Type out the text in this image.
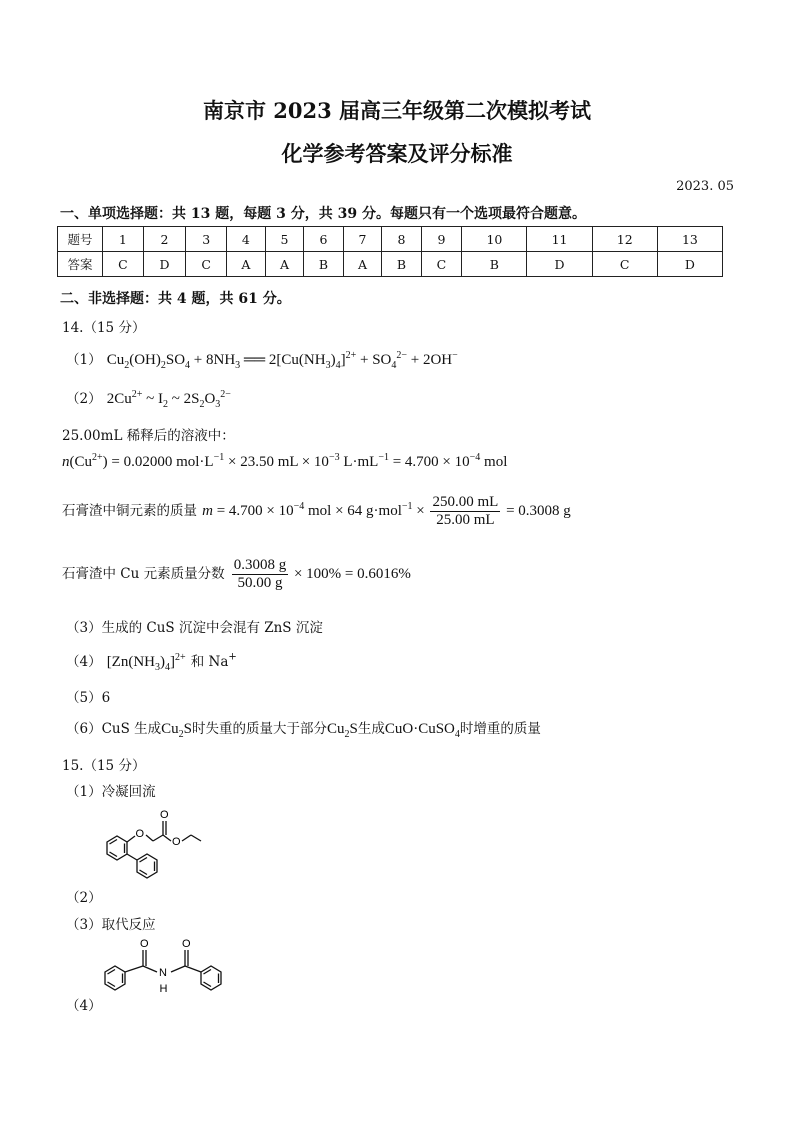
南京市 2023 届高三年级第二次模拟考试
化学参考答案及评分标准
2023. 05
一、单项选择题：共 13 题，每题 3 分，共 39 分。每题只有一个选项最符合题意。
题号	1	2	3	4	5	6	7	8	9	10	11	12	13
答案	C	D	C	A	A	B	A	B	C	B	D	C	D
二、非选择题：共 4 题，共 61 分。
14.（15 分）
（1） $Cu_2(OH)_2SO_4 + 8NH_3$ ══ $2[Cu(NH_3)_4]^{2+} + SO_4^{2-} + 2OH^-$
（2） $2Cu^{2+}$ ~ $I_2$ ~ $2S_2O_3^{2-}$
25.00mL 稀释后的溶液中：
$n(Cu^{2+}) = 0.02000$ $mol\cdot L^{-1} \times 23.50$ mL × $10^{-3}$ $L\cdot mL^{-1} = 4.700 \times 10^{-4}$ mol
石膏渣中铜元素的质量 $m = 4.700 \times 10^{-4}$ mol × 64 $g\cdot mol^{-1} \times \frac{250.00 mL}{25.00 mL} = 0.3008$ g
石膏渣中 Cu 元素质量分数 $\frac{0.3008 g}{50.00 g} \times 100\% = 0.6016\%$
（3）生成的 CuS 沉淀中会混有 ZnS 沉淀
（4） $[Zn(NH_3)_4]^{2+}$ 和 Na+
（5）6
（6）CuS 生成$Cu_2S$时失重的质量大于部分$Cu_2S$生成CuO·CuSO$_4$时增重的质量
15.（15 分）
（1）冷凝回流
O
O
O
（2）
（3）取代反应
O	O
N
H
（4）
